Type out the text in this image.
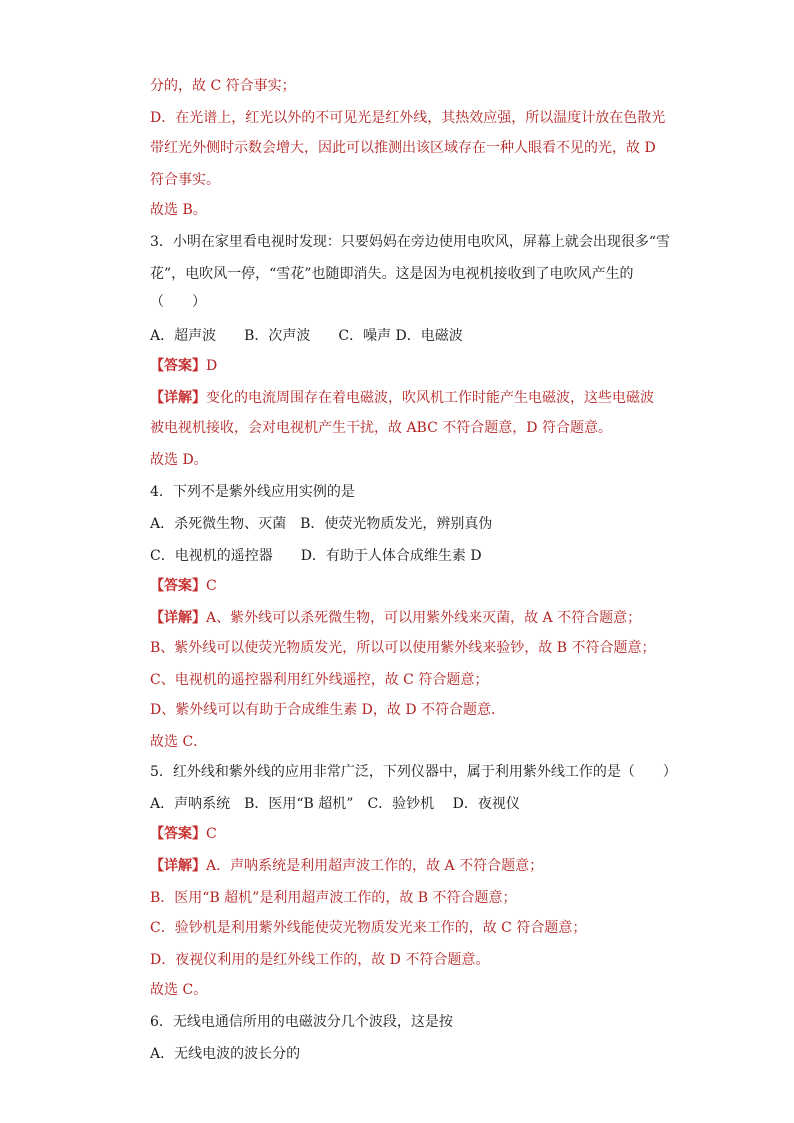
分的，故 C 符合事实；
D．在光谱上，红光以外的不可见光是红外线，其热效应强，所以温度计放在色散光
带红光外侧时示数会增大，因此可以推测出该区域存在一种人眼看不见的光，故 D
符合事实。
故选 B。
3．小明在家里看电视时发现：只要妈妈在旁边使用电吹风，屏幕上就会出现很多“雪
花”，电吹风一停，“雪花”也随即消失。这是因为电视机接收到了电吹风产生的
（　　）
A．超声波　　B．次声波　　C．噪声 D．电磁波
【答案】D
【详解】变化的电流周围存在着电磁波，吹风机工作时能产生电磁波，这些电磁波
被电视机接收，会对电视机产生干扰，故 ABC 不符合题意，D 符合题意。
故选 D。
4．下列不是紫外线应用实例的是
A．杀死微生物、灭菌　B．使荧光物质发光，辨别真伪
C．电视机的遥控器　　D．有助于人体合成维生素 D
【答案】C
【详解】A、紫外线可以杀死微生物，可以用紫外线来灭菌，故 A 不符合题意；
B、紫外线可以使荧光物质发光，所以可以使用紫外线来验钞，故 B 不符合题意；
C、电视机的遥控器利用红外线遥控，故 C 符合题意；
D、紫外线可以有助于合成维生素 D，故 D 不符合题意．
故选 C．
5．红外线和紫外线的应用非常广泛，下列仪器中，属于利用紫外线工作的是（　　）
A．声呐系统　B．医用“B 超机”　C．验钞机　 D．夜视仪
【答案】C
【详解】A．声呐系统是利用超声波工作的，故 A 不符合题意；
B．医用“B 超机”是利用超声波工作的，故 B 不符合题意；
C．验钞机是利用紫外线能使荧光物质发光来工作的，故 C 符合题意；
D．夜视仪利用的是红外线工作的，故 D 不符合题意。
故选 C。
6．无线电通信所用的电磁波分几个波段，这是按
A．无线电波的波长分的
